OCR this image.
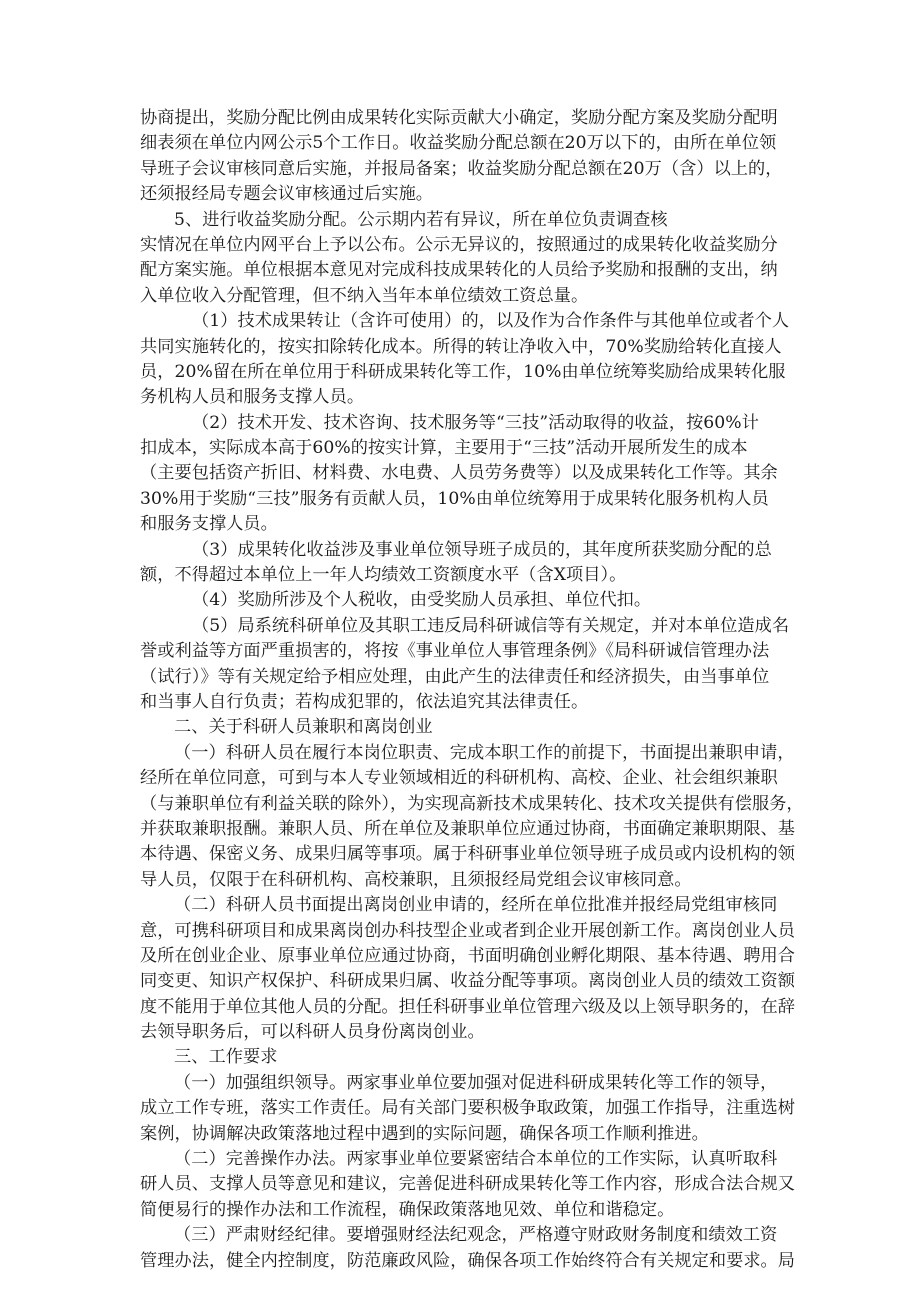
协商提出，奖励分配比例由成果转化实际贡献大小确定，奖励分配方案及奖励分配明

细表须在单位内网公示5个工作日。收益奖励分配总额在20万以下的，由所在单位领

导班子会议审核同意后实施，并报局备案；收益奖励分配总额在20万（含）以上的，

还须报经局专题会议审核通过后实施。

5、进行收益奖励分配。公示期内若有异议，所在单位负责调查核

实情况在单位内网平台上予以公布。公示无异议的，按照通过的成果转化收益奖励分

配方案实施。单位根据本意见对完成科技成果转化的人员给予奖励和报酬的支出，纳

入单位收入分配管理，但不纳入当年本单位绩效工资总量。

（1）技术成果转让（含许可使用）的，以及作为合作条件与其他单位或者个人

共同实施转化的，按实扣除转化成本。所得的转让净收入中，70%奖励给转化直接人

员，20%留在所在单位用于科研成果转化等工作，10%由单位统筹奖励给成果转化服

务机构人员和服务支撑人员。

（2）技术开发、技术咨询、技术服务等“三技”活动取得的收益，按60%计

扣成本，实际成本高于60%的按实计算，主要用于“三技”活动开展所发生的成本

（主要包括资产折旧、材料费、水电费、人员劳务费等）以及成果转化工作等。其余

30%用于奖励“三技”服务有贡献人员，10%由单位统筹用于成果转化服务机构人员

和服务支撑人员。

（3）成果转化收益涉及事业单位领导班子成员的，其年度所获奖励分配的总

额，不得超过本单位上一年人均绩效工资额度水平（含X项目）。

（4）奖励所涉及个人税收，由受奖励人员承担、单位代扣。

（5）局系统科研单位及其职工违反局科研诚信等有关规定，并对本单位造成名

誉或利益等方面严重损害的，将按《事业单位人事管理条例》《局科研诚信管理办法

（试行）》等有关规定给予相应处理，由此产生的法律责任和经济损失，由当事单位

和当事人自行负责；若构成犯罪的，依法追究其法律责任。

二、关于科研人员兼职和离岗创业

（一）科研人员在履行本岗位职责、完成本职工作的前提下，书面提出兼职申请，

经所在单位同意，可到与本人专业领域相近的科研机构、高校、企业、社会组织兼职

（与兼职单位有利益关联的除外），为实现高新技术成果转化、技术攻关提供有偿服务，

并获取兼职报酬。兼职人员、所在单位及兼职单位应通过协商，书面确定兼职期限、基

本待遇、保密义务、成果归属等事项。属于科研事业单位领导班子成员或内设机构的领

导人员，仅限于在科研机构、高校兼职，且须报经局党组会议审核同意。

（二）科研人员书面提出离岗创业申请的，经所在单位批准并报经局党组审核同

意，可携科研项目和成果离岗创办科技型企业或者到企业开展创新工作。离岗创业人员

及所在创业企业、原事业单位应通过协商，书面明确创业孵化期限、基本待遇、聘用合

同变更、知识产权保护、科研成果归属、收益分配等事项。离岗创业人员的绩效工资额

度不能用于单位其他人员的分配。担任科研事业单位管理六级及以上领导职务的，在辞

去领导职务后，可以科研人员身份离岗创业。

三、工作要求

（一）加强组织领导。两家事业单位要加强对促进科研成果转化等工作的领导，

成立工作专班，落实工作责任。局有关部门要积极争取政策，加强工作指导，注重选树

案例，协调解决政策落地过程中遇到的实际问题，确保各项工作顺利推进。

（二）完善操作办法。两家事业单位要紧密结合本单位的工作实际，认真听取科

研人员、支撑人员等意见和建议，完善促进科研成果转化等工作内容，形成合法合规又

简便易行的操作办法和工作流程，确保政策落地见效、单位和谐稳定。

（三）严肃财经纪律。要增强财经法纪观念，严格遵守财政财务制度和绩效工资

管理办法，健全内控制度，防范廉政风险，确保各项工作始终符合有关规定和要求。局
